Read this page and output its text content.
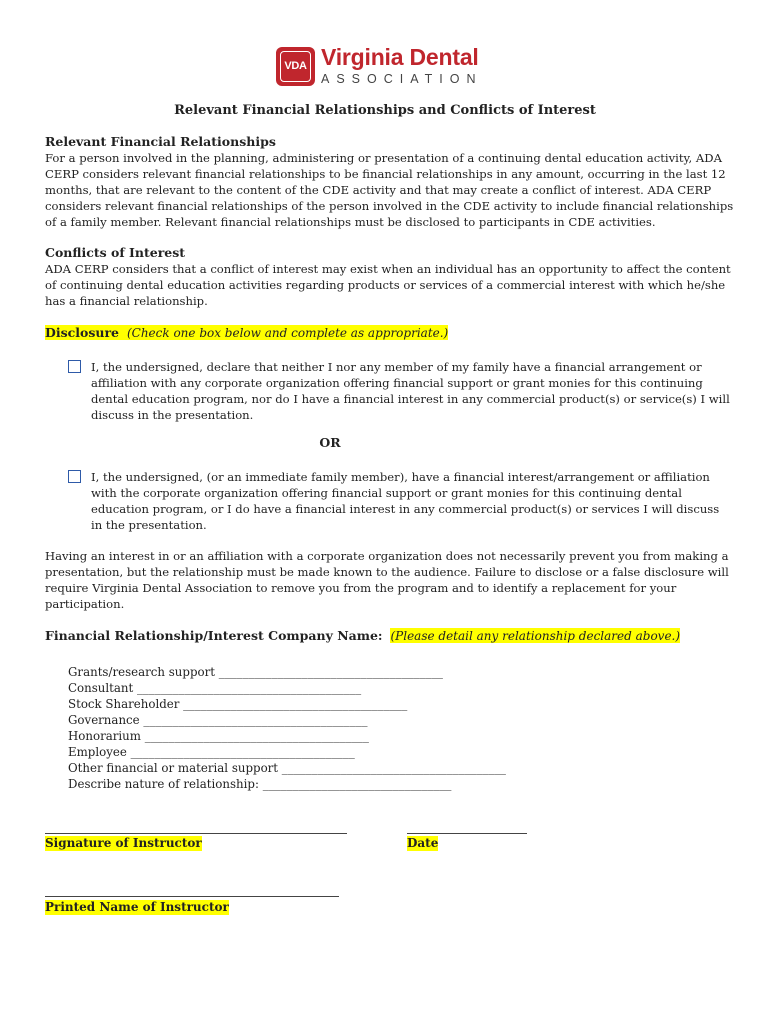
VDA Virginia Dental
ASSOCIATION
Relevant Financial Relationships and Conflicts of Interest
Relevant Financial Relationships
For a person involved in the planning, administering or presentation of a continuing dental education activity, ADA CERP considers relevant financial relationships to be financial relationships in any amount, occurring in the last 12 months, that are relevant to the content of the CDE activity and that may create a conflict of interest. ADA CERP considers relevant financial relationships of the person involved in the CDE activity to include financial relationships of a family member. Relevant financial relationships must be disclosed to participants in CDE activities.
Conflicts of Interest
ADA CERP considers that a conflict of interest may exist when an individual has an opportunity to affect the content of continuing dental education activities regarding products or services of a commercial interest with which he/she has a financial relationship.
Disclosure (Check one box below and complete as appropriate.)
I, the undersigned, declare that neither I nor any member of my family have a financial arrangement or affiliation with any corporate organization offering financial support or grant monies for this continuing dental education program, nor do I have a financial interest in any commercial product(s) or service(s) I will discuss in the presentation.
OR
I, the undersigned, (or an immediate family member), have a financial interest/arrangement or affiliation with the corporate organization offering financial support or grant monies for this continuing dental education program, or I do have a financial interest in any commercial product(s) or services I will discuss in the presentation.
Having an interest in or an affiliation with a corporate organization does not necessarily prevent you from making a presentation, but the relationship must be made known to the audience. Failure to disclose or a false disclosure will require Virginia Dental Association to remove you from the program and to identify a replacement for your participation.
Financial Relationship/Interest Company Name: (Please detail any relationship declared above.)
Grants/research support ______________________________________
Consultant ______________________________________
Stock Shareholder ______________________________________
Governance ______________________________________
Honorarium ______________________________________
Employee ______________________________________
Other financial or material support ______________________________________
Describe nature of relationship: ________________________________
Signature of Instructor	Date
Printed Name of Instructor
